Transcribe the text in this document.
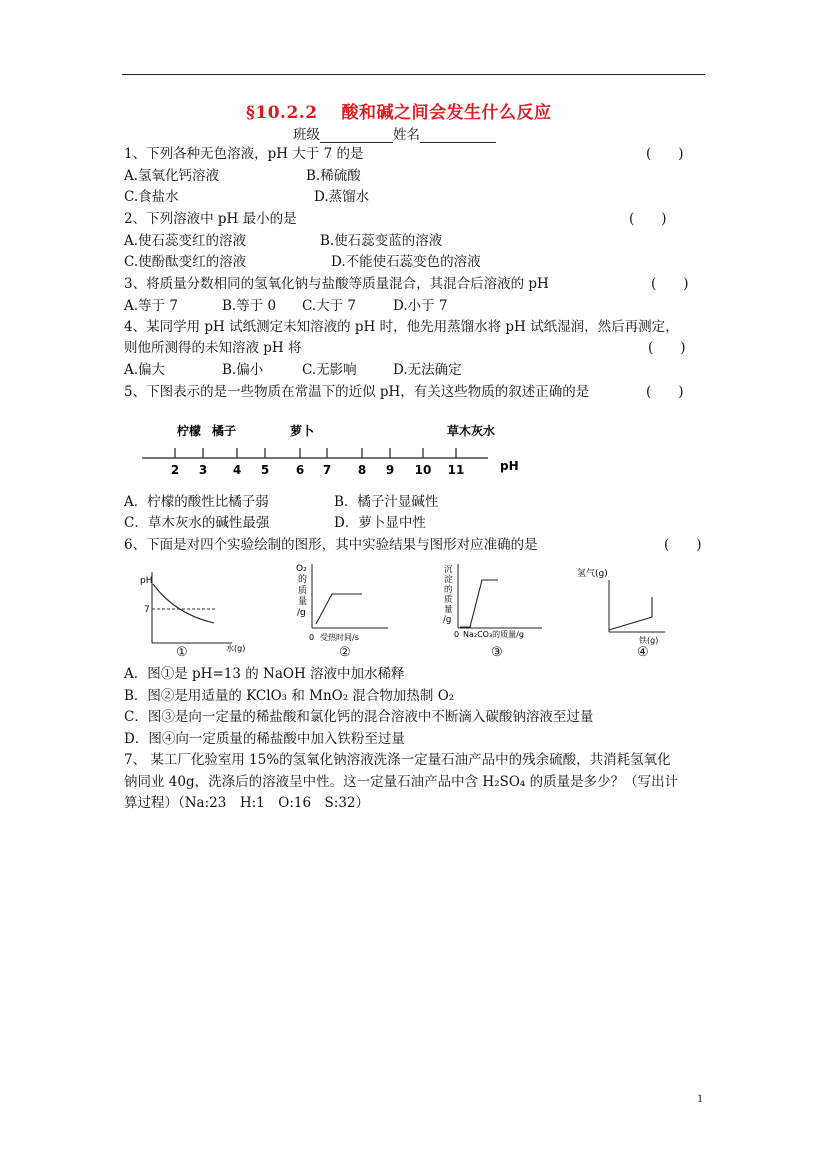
§10.2.2　 酸和碱之间会发生什么反应
班级	姓名
1、下列各种无色溶液，pH 大于 7 的是	(　　)
A.氢氧化钙溶液	B.稀硫酸
C.食盐水	D.蒸馏水
2、下列溶液中 pH 最小的是	(　　)
A.使石蕊变红的溶液	B.使石蕊变蓝的溶液
C.使酚酞变红的溶液	D.不能使石蕊变色的溶液
3、将质量分数相同的氢氧化钠与盐酸等质量混合，其混合后溶液的 pH	(　　)
A.等于 7	B.等于 0 C.大于 7	D.小于 7
4、某同学用 pH 试纸测定未知溶液的 pH 时，他先用蒸馏水将 pH 试纸湿润，然后再测定，
则他所测得的未知溶液 pH 将	(　　)
A.偏大	B.偏小	C.无影响	D.无法确定
5、下图表示的是一些物质在常温下的近似 pH，有关这些物质的叙述正确的是	(　　)
2 3 4 5 6 7 8 9 10 11
柠檬 橘子	萝卜	草木灰水
pH
A．柠檬的酸性比橘子弱	B．橘子汁显碱性
C．草木灰水的碱性最强	D．萝卜显中性
6、下面是对四个实验绘制的图形，其中实验结果与图形对应准确的是	(　　)
pH
7
水(g)
①
O₂
的
质
量
/g
0 受热时间/s
②
沉
淀
的
质
量
/g
0 Na₂CO₃的质量/g
③
氢气(g)
铁(g)
④
A．图①是 pH=13 的 NaOH 溶液中加水稀释
B．图②是用适量的 KClO₃ 和 MnO₂ 混合物加热制 O₂
C．图③是向一定量的稀盐酸和氯化钙的混合溶液中不断滴入碳酸钠溶液至过量
D．图④向一定质量的稀盐酸中加入铁粉至过量
7、 某工厂化验室用 15%的氢氧化钠溶液洗涤一定量石油产品中的残余硫酸，共消耗氢氧化
钠同业 40g，洗涤后的溶液呈中性。这一定量石油产品中含 H₂SO₄ 的质量是多少？（写出计
算过程）（Na:23　H:1　O:16　S:32）
1
